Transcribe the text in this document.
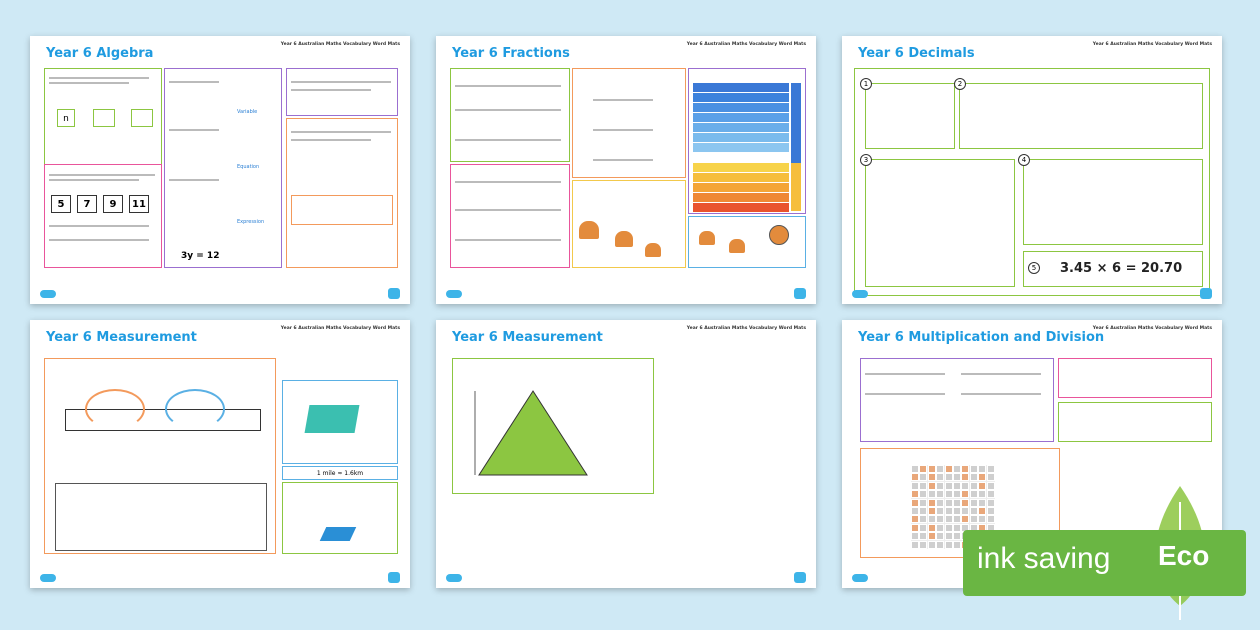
Year 6 Algebra
Year 6 Australian Maths Vocabulary Word Mats
n
5	7	9	11
Variable
Equation
Expression
3y = 12
Year 6 Fractions
Year 6 Australian Maths Vocabulary Word Mats
Year 6 Decimals
Year 6 Australian Maths Vocabulary Word Mats
1	2
3	4
5 3.45 × 6 = 20.70
Year 6 Measurement
Year 6 Australian Maths Vocabulary Word Mats
1 mile ≈ 1.6km
Year 6 Measurement
Year 6 Australian Maths Vocabulary Word Mats
Year 6 Multiplication and Division
Year 6 Australian Maths Vocabulary Word Mats
ink saving Eco
